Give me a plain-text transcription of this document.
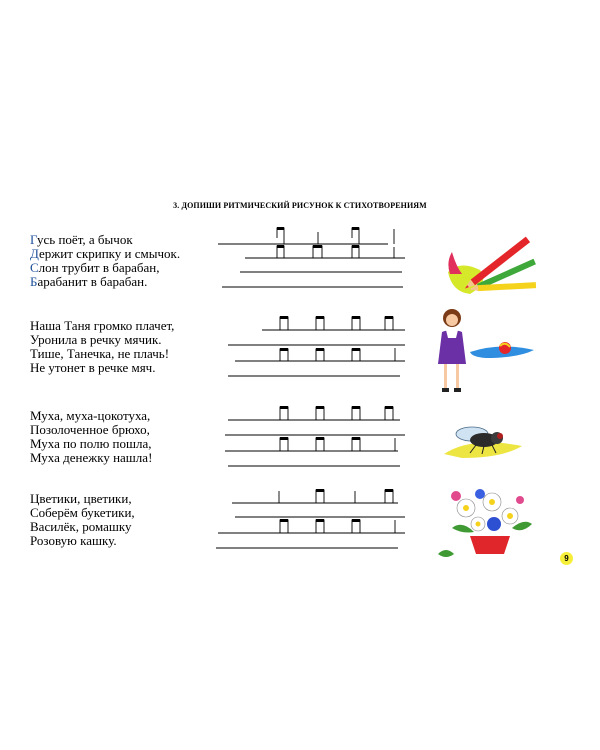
3. ДОПИШИ РИТМИЧЕСКИЙ РИСУНОК К СТИХОТВОРЕНИЯМ
Гусь поёт, а бычок
Держит скрипку и смычок.
Слон трубит в барабан,
Барабанит в барабан.
Наша Таня громко плачет,
Уронила в речку мячик.
Тише, Танечка, не плачь!
Не утонет в речке мяч.
Муха, муха-цокотуха,
Позолоченное брюхо,
Муха по полю пошла,
Муха денежку нашла!
Цветики, цветики,
Соберём букетики,
Василёк, ромашку
Розовую кашку.
9
